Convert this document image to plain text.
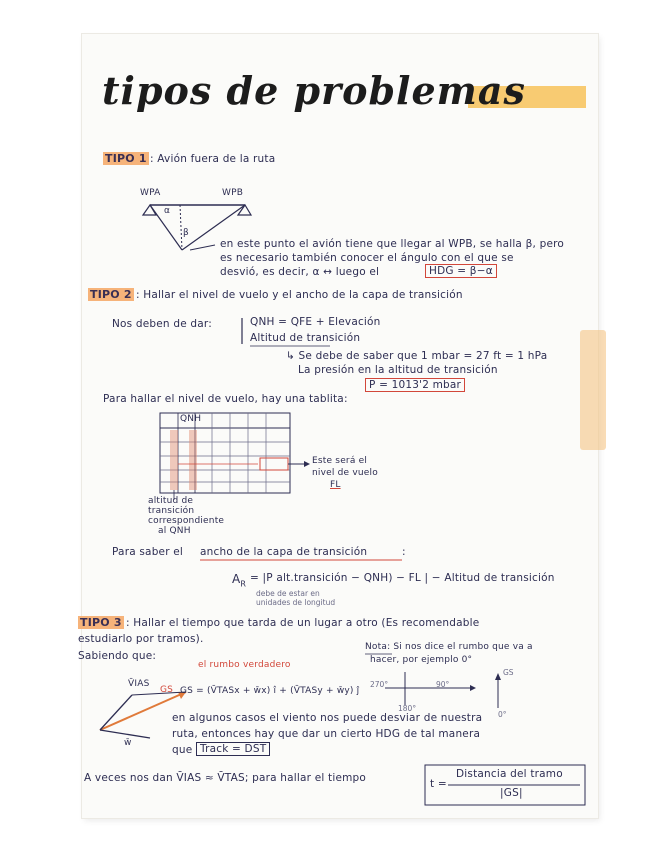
tipos de problemas
TIPO 1 : Avión fuera de la ruta
WPA	WPB
α
β
en este punto el avión tiene que llegar al WPB, se halla β, pero
es necesario también conocer el ángulo con el que se
desvió, es decir, α ↔ luego el	HDG = β−α
TIPO 2 : Hallar el nivel de vuelo y el ancho de la capa de transición
Nos deben de dar:	QNH = QFE + Elevación
Altitud de transición
↳ Se debe de saber que 1 mbar = 27 ft = 1 hPa
La presión en la altitud de transición
P = 1013'2 mbar
Para hallar el nivel de vuelo, hay una tablita:
QNH
Este será el
nivel de vuelo
FL
altitud de
transición
correspondiente
al QNH
Para saber el ancho de la capa de transición	:
$A_R = |P$ alt.transición − QNH) − FL | − Altitud de transición
debe de estar en
unidades de longitud
TIPO 3 : Hallar el tiempo que tarda de un lugar a otro (Es recomendable
estudiarlo por tramos).
Sabiendo que:
el rumbo verdadero
Nota: Si nos dice el rumbo que va a
hacer, por ejemplo 0°
270°	90°
180°
0°
GS
V̄IAS
w̄
GS GS = (V̄TASx + w̄x) î + (V̄TASy + w̄y) ĵ
en algunos casos el viento nos puede desviar de nuestra
ruta, entonces hay que dar un cierto HDG de tal manera
que Track = DST
A veces nos dan V̄IAS ≈ V̄TAS; para hallar el tiempo	t =
Distancia del tramo
|GS|
